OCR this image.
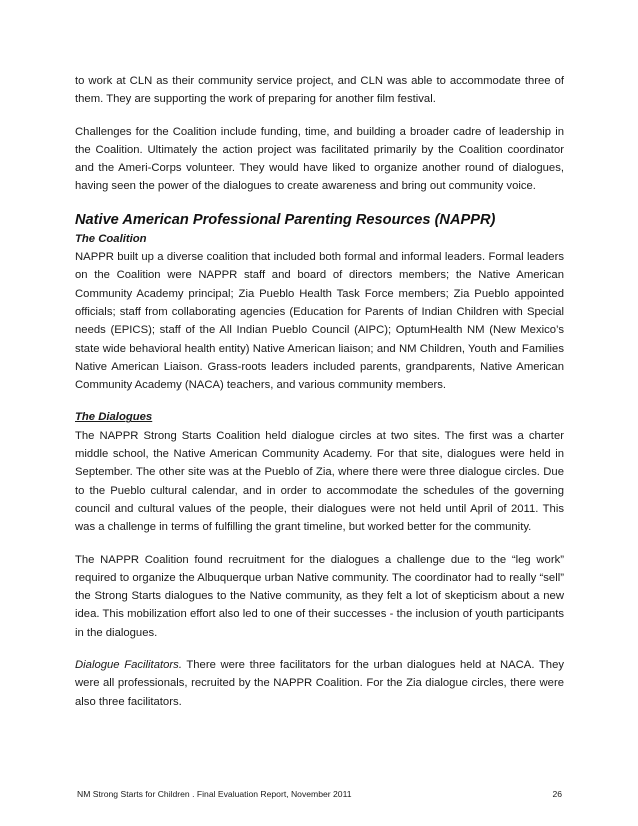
to work at CLN as their community service project, and CLN was able to accommodate three of them. They are supporting the work of preparing for another film festival.

Challenges for the Coalition include funding, time, and building a broader cadre of leadership in the Coalition. Ultimately the action project was facilitated primarily by the Coalition coordinator and the Ameri-Corps volunteer. They would have liked to organize another round of dialogues, having seen the power of the dialogues to create awareness and bring out community voice.

Native American Professional Parenting Resources (NAPPR)

The Coalition

NAPPR built up a diverse coalition that included both formal and informal leaders. Formal leaders on the Coalition were NAPPR staff and board of directors members; the Native American Community Academy principal; Zia Pueblo Health Task Force members; Zia Pueblo appointed officials; staff from collaborating agencies (Education for Parents of Indian Children with Special needs (EPICS); staff of the All Indian Pueblo Council (AIPC); OptumHealth NM (New Mexico’s state wide behavioral health entity) Native American liaison; and NM Children, Youth and Families Native American Liaison. Grass-roots leaders included parents, grandparents, Native American Community Academy (NACA) teachers, and various community members.

The Dialogues

The NAPPR Strong Starts Coalition held dialogue circles at two sites. The first was a charter middle school, the Native American Community Academy. For that site, dialogues were held in September. The other site was at the Pueblo of Zia, where there were three dialogue circles. Due to the Pueblo cultural calendar, and in order to accommodate the schedules of the governing council and cultural values of the people, their dialogues were not held until April of 2011. This was a challenge in terms of fulfilling the grant timeline, but worked better for the community.

The NAPPR Coalition found recruitment for the dialogues a challenge due to the “leg work” required to organize the Albuquerque urban Native community. The coordinator had to really “sell” the Strong Starts dialogues to the Native community, as they felt a lot of skepticism about a new idea. This mobilization effort also led to one of their successes - the inclusion of youth participants in the dialogues.

Dialogue Facilitators. There were three facilitators for the urban dialogues held at NACA. They were all professionals, recruited by the NAPPR Coalition. For the Zia dialogue circles, there were also three facilitators.

NM Strong Starts for Children . Final Evaluation Report, November 2011	26
